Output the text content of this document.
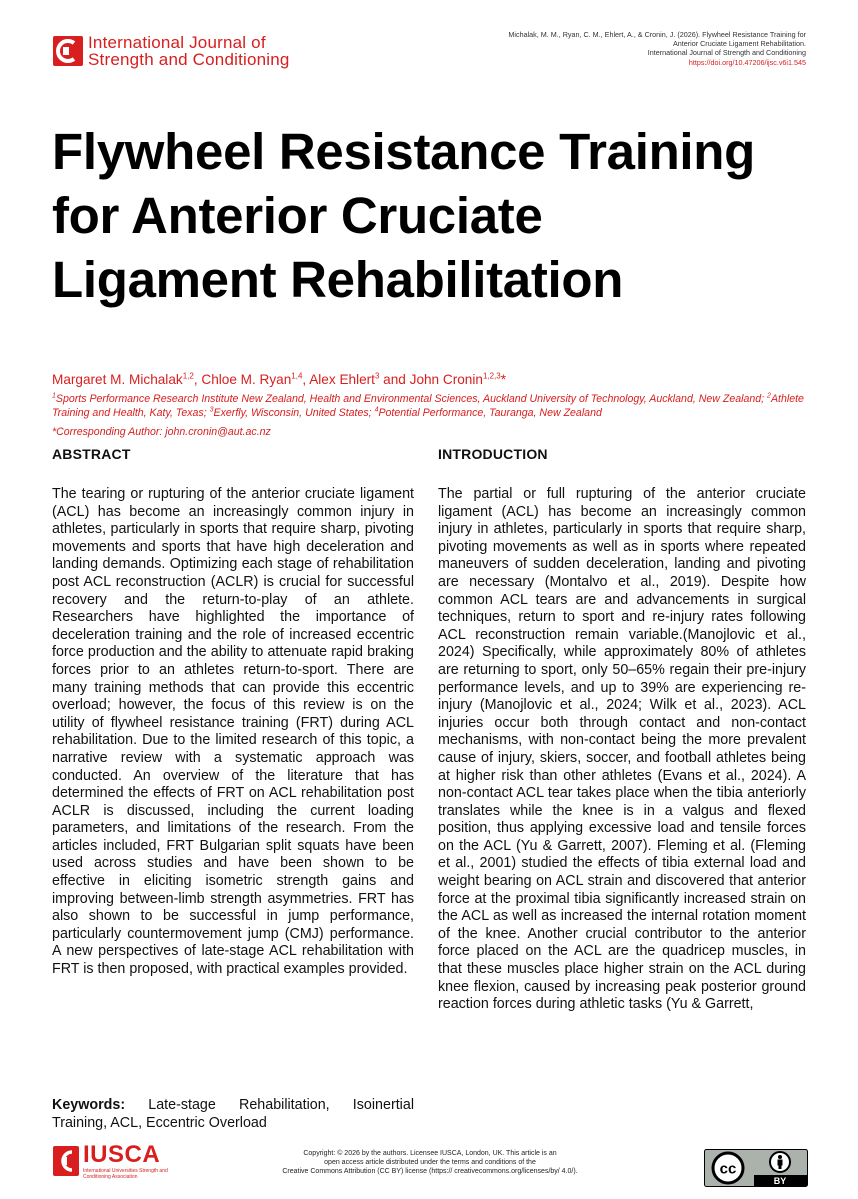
International Journal of
Strength and Conditioning
Michalak, M. M., Ryan, C. M., Ehlert, A., & Cronin, J. (2026). Flywheel Resistance Training for
Anterior Cruciate Ligament Rehabilitation.
International Journal of Strength and Conditioning
https://doi.org/10.47206/ijsc.v6i1.545
Flywheel Resistance Training for Anterior Cruciate Ligament Rehabilitation
Margaret M. Michalak$^{1,2}$, Chloe M. Ryan$^{1,4}$, Alex Ehlert$^3$ and John Cronin$^{1,2,3}$*
$^1$Sports Performance Research Institute New Zealand, Health and Environmental Sciences, Auckland University of Technology, Auckland, New Zealand; $^2$Athlete Training and Health, Katy, Texas; $^3$Exerfly, Wisconsin, United States; $^4$Potential Performance, Tauranga, New Zealand
*Corresponding Author: john.cronin@aut.ac.nz
ABSTRACT

The tearing or rupturing of the anterior cruciate ligament (ACL) has become an increasingly common injury in athletes, particularly in sports that require sharp, pivoting movements and sports that have high deceleration and landing demands. Optimizing each stage of rehabilitation post ACL reconstruction (ACLR) is crucial for successful recovery and the return-to-play of an athlete. Researchers have highlighted the importance of deceleration training and the role of increased eccentric force production and the ability to attenuate rapid braking forces prior to an athletes return-to-sport. There are many training methods that can provide this eccentric overload; however, the focus of this review is on the utility of flywheel resistance training (FRT) during ACL rehabilitation. Due to the limited research of this topic, a narrative review with a systematic approach was conducted. An overview of the literature that has determined the effects of FRT on ACL rehabilitation post ACLR is discussed, including the current loading parameters, and limitations of the research. From the articles included, FRT Bulgarian split squats have been used across studies and have been shown to be effective in eliciting isometric strength gains and improving between-limb strength asymmetries. FRT has also shown to be successful in jump performance, particularly countermovement jump (CMJ) performance. A new perspectives of late-stage ACL rehabilitation with FRT is then proposed, with practical examples provided.

Keywords: Late-stage Rehabilitation, Isoinertial Training, ACL, Eccentric Overload

INTRODUCTION

The partial or full rupturing of the anterior cruciate ligament (ACL) has become an increasingly common injury in athletes, particularly in sports that require sharp, pivoting movements as well as in sports where repeated maneuvers of sudden deceleration, landing and pivoting are necessary (Montalvo et al., 2019). Despite how common ACL tears are and advancements in surgical techniques, return to sport and re-injury rates following ACL reconstruction remain variable.(Manojlovic et al., 2024) Specifically, while approximately 80% of athletes are returning to sport, only 50–65% regain their pre-injury performance levels, and up to 39% are experiencing re-injury (Manojlovic et al., 2024; Wilk et al., 2023). ACL injuries occur both through contact and non-contact mechanisms, with non-contact being the more prevalent cause of injury, skiers, soccer, and football athletes being at higher risk than other athletes (Evans et al., 2024). A non-contact ACL tear takes place when the tibia anteriorly translates while the knee is in a valgus and flexed position, thus applying excessive load and tensile forces on the ACL (Yu & Garrett, 2007). Fleming et al. (Fleming et al., 2001) studied the effects of tibia external load and weight bearing on ACL strain and discovered that anterior force at the proximal tibia significantly increased strain on the ACL as well as increased the internal rotation moment of the knee. Another crucial contributor to the anterior force placed on the ACL are the quadricep muscles, in that these muscles place higher strain on the ACL during knee flexion, caused by increasing peak posterior ground reaction forces during athletic tasks (Yu & Garrett,

IUSCA
International Universities Strength and Conditioning Association
Copyright: © 2026 by the authors. Licensee IUSCA, London, UK. This article is an
open access article distributed under the terms and conditions of the
Creative Commons Attribution (CC BY) license (https:// creativecommons.org/licenses/by/ 4.0/).	cc
BY
